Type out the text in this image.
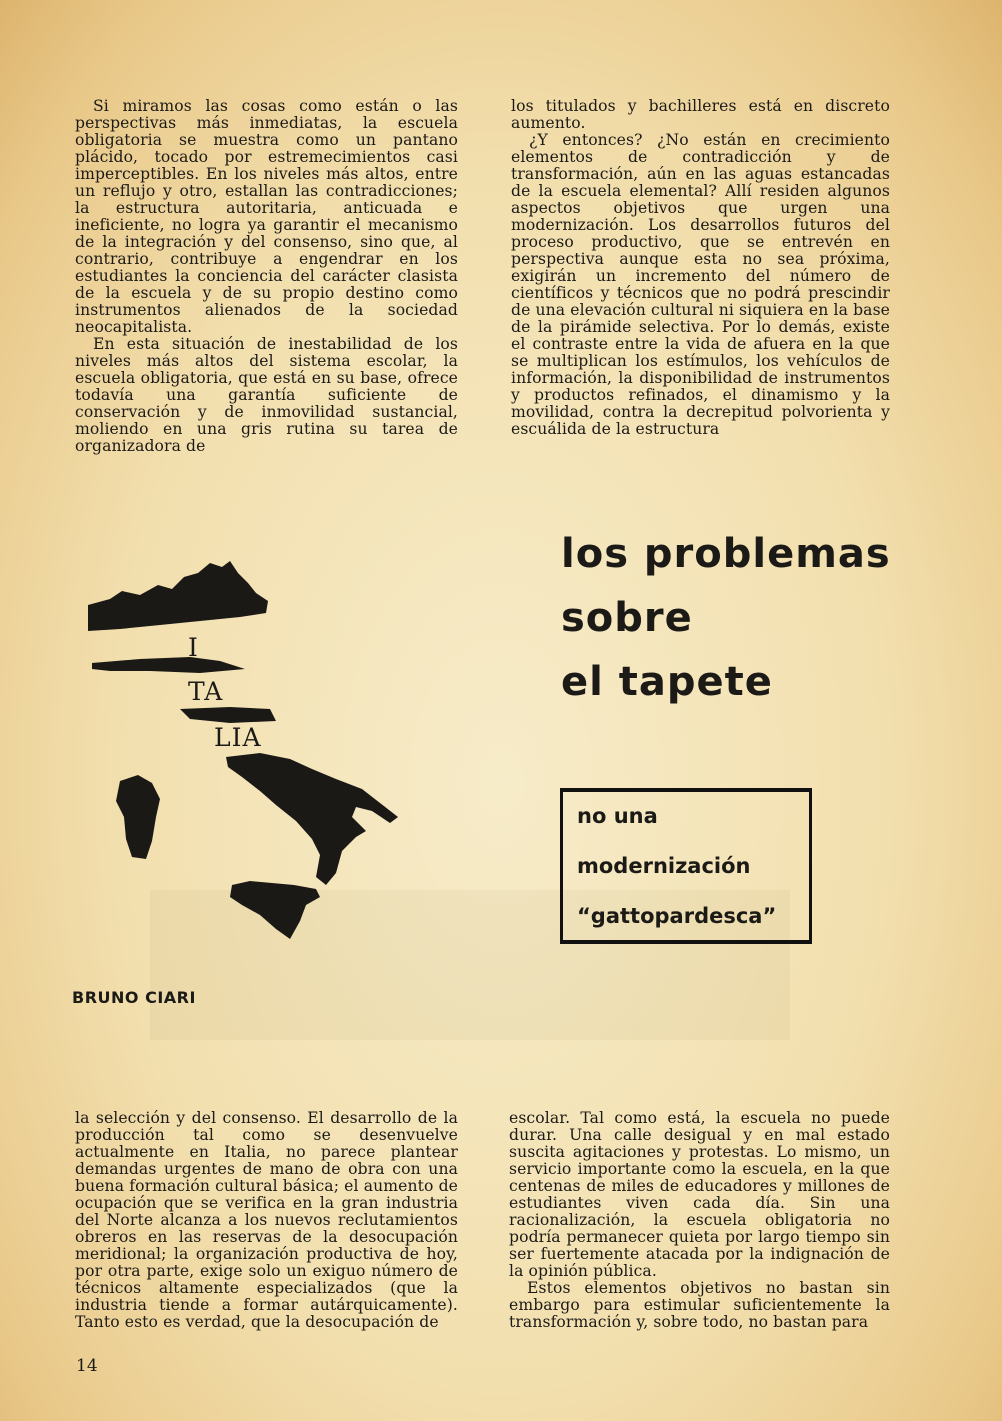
Si miramos las cosas como están o las perspectivas más inmediatas, la escuela obligatoria se muestra como un pantano plácido, tocado por estremecimientos casi imperceptibles. En los niveles más altos, entre un reflujo y otro, estallan las contradicciones; la estructura autoritaria, anticuada e ineficiente, no logra ya garantir el mecanismo de la integración y del consenso, sino que, al contrario, contribuye a engendrar en los estudiantes la conciencia del carácter clasista de la escuela y de su propio destino como instrumentos alienados de la sociedad neocapitalista.

En esta situación de inestabilidad de los niveles más altos del sistema escolar, la escuela obligatoria, que está en su base, ofrece todavía una garantía suficiente de conservación y de inmovilidad sustancial, moliendo en una gris rutina su tarea de organizadora de

los titulados y bachilleres está en discreto aumento.

¿Y entonces? ¿No están en crecimiento elementos de contradicción y de transformación, aún en las aguas estancadas de la escuela elemental? Allí residen algunos aspectos objetivos que urgen una modernización. Los desarrollos futuros del proceso productivo, que se entrevén en perspectiva aunque esta no sea próxima, exigirán un incremento del número de científicos y técnicos que no podrá prescindir de una elevación cultural ni siquiera en la base de la pirámide selectiva. Por lo demás, existe el contraste entre la vida de afuera en la que se multiplican los estímulos, los vehículos de información, la disponibilidad de instrumentos y productos refinados, el dinamismo y la movilidad, contra la decrepitud polvorienta y escuálida de la estructura

I
TA
LIA
los problemas
sobre
el tapete
no una
modernización
“gattopardesca”
BRUNO CIARI

la selección y del consenso. El desarrollo de la producción tal como se desenvuelve actualmente en Italia, no parece plantear demandas urgentes de mano de obra con una buena formación cultural básica; el aumento de ocupación que se verifica en la gran industria del Norte alcanza a los nuevos reclutamientos obreros en las reservas de la desocupación meridional; la organización productiva de hoy, por otra parte, exige solo un exiguo número de técnicos altamente especializados (que la industria tiende a formar autárquicamente). Tanto esto es verdad, que la desocupación de

escolar. Tal como está, la escuela no puede durar. Una calle desigual y en mal estado suscita agitaciones y protestas. Lo mismo, un servicio importante como la escuela, en la que centenas de miles de educadores y millones de estudiantes viven cada día. Sin una racionalización, la escuela obligatoria no podría permanecer quieta por largo tiempo sin ser fuertemente atacada por la indignación de la opinión pública.

Estos elementos objetivos no bastan sin embargo para estimular suficientemente la transformación y, sobre todo, no bastan para

14
